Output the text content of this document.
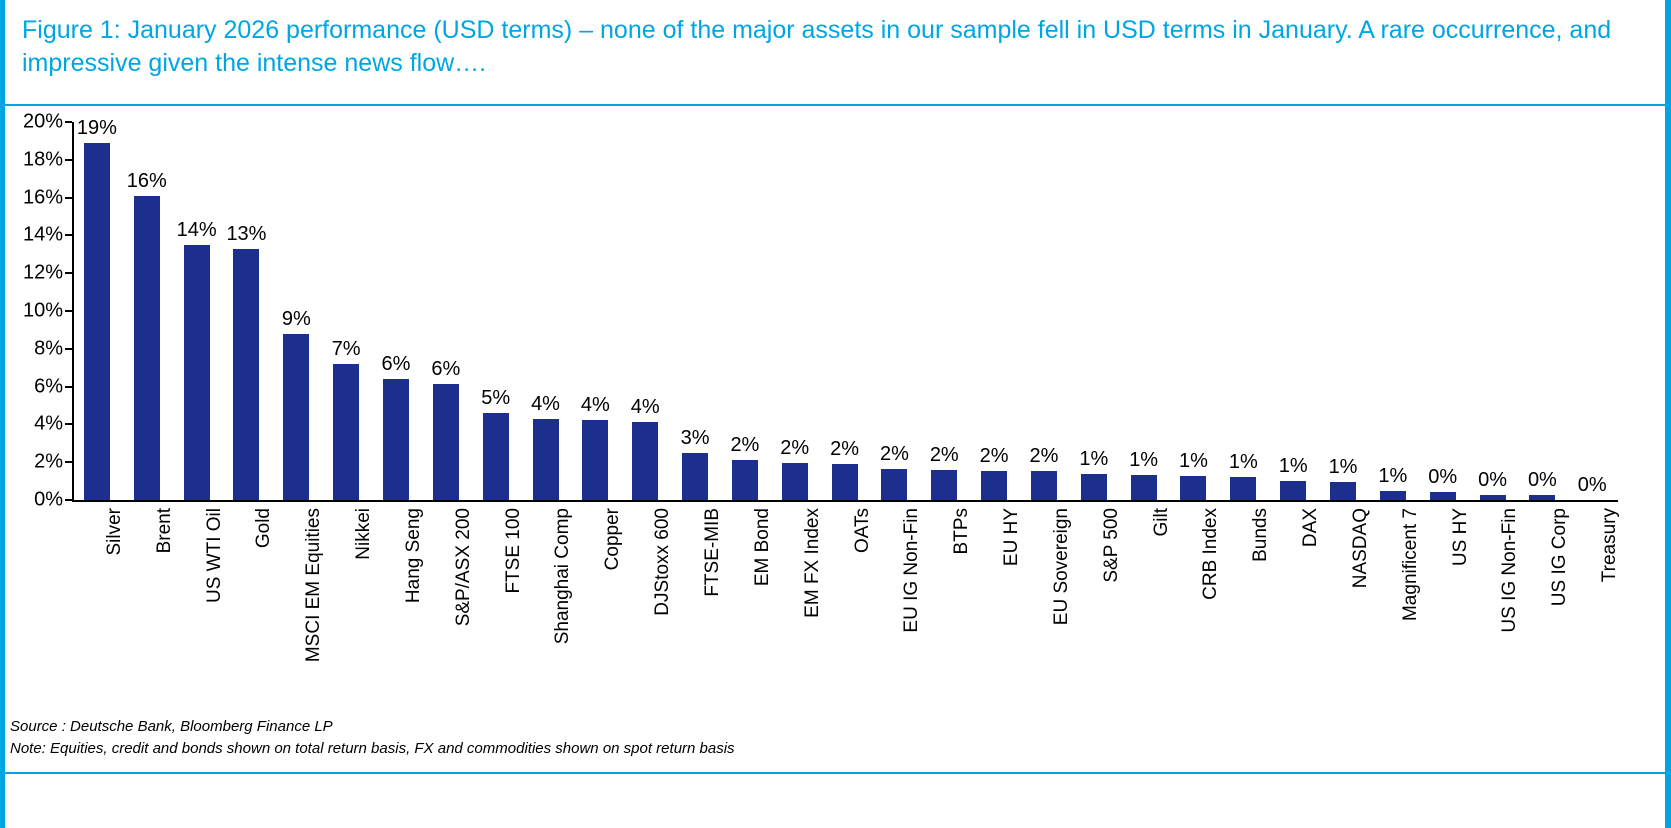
Figure 1: January 2026 performance (USD terms) – none of the major assets in our sample fell in USD terms in January. A rare occurrence, and impressive given the intense news flow….
0%
2%
4%
6%
8%
10%
12%
14%
16%
18%
20% 19%
16%
14% 13%
9%
7%
6% 6%
5% 4% 4% 4%
3% 2% 2% 2% 2% 2% 2% 2% 1% 1% 1% 1% 1% 1% 1% 0% 0% 0% 0%
Silver Brent US WTI Oil Gold MSCI EM Equities Nikkei Hang Seng S&P/ASX 200 FTSE 100 Shanghai Comp Copper DJStoxx 600 FTSE-MIB EM Bond EM FX Index OATs EU IG Non-Fin BTPs EU HY EU Sovereign S&P 500 Gilt CRB Index Bunds DAX NASDAQ Magnificent 7 US HY US IG Non-Fin US IG Corp Treasury
Source : Deutsche Bank, Bloomberg Finance LP
Note: Equities, credit and bonds shown on total return basis, FX and commodities shown on spot return basis
